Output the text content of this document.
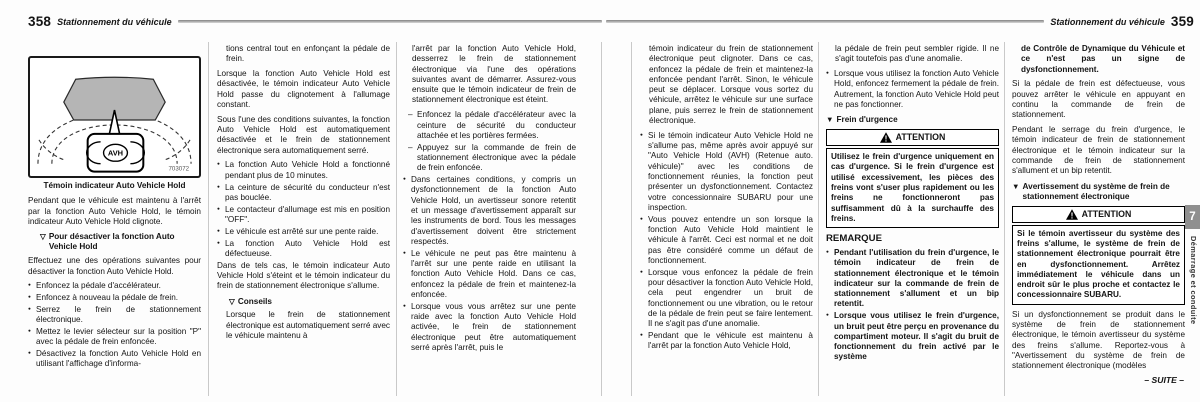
358 Stationnement du véhicule	Stationnement du véhicule 359
AVH
703072
Témoin indicateur Auto Vehicle Hold
Pendant que le véhicule est maintenu à l'arrêt par la fonction Auto Vehicle Hold, le témoin indicateur Auto Vehicle Hold clignote.
▽ Pour désactiver la fonction Auto Vehicle Hold
Effectuez une des opérations suivantes pour désactiver la fonction Auto Vehicle Hold.
● Enfoncez la pédale d'accélérateur.
● Enfoncez à nouveau la pédale de frein.
● Serrez le frein de stationnement électronique.
● Mettez le levier sélecteur sur la position "P" avec la pédale de frein enfoncée.
● Désactivez la fonction Auto Vehicle Hold en utilisant l'affichage d'informa-
tions central tout en enfonçant la pédale de frein.
Lorsque la fonction Auto Vehicle Hold est désactivée, le témoin indicateur Auto Vehicle Hold passe du clignotement à l'allumage constant.
Sous l'une des conditions suivantes, la fonction Auto Vehicle Hold est automatiquement désactivée et le frein de stationnement électronique sera automatiquement serré.
● La fonction Auto Vehicle Hold a fonctionné pendant plus de 10 minutes.
● La ceinture de sécurité du conducteur n'est pas bouclée.
● Le contacteur d'allumage est mis en position "OFF".
● Le véhicule est arrêté sur une pente raide.
● La fonction Auto Vehicle Hold est défectueuse.
Dans de tels cas, le témoin indicateur Auto Vehicle Hold s'éteint et le témoin indicateur du frein de stationnement électronique s'allume.
▽ Conseils
Lorsque le frein de stationnement électronique est automatiquement serré avec le véhicule maintenu à
l'arrêt par la fonction Auto Vehicle Hold, desserrez le frein de stationnement électronique via l'une des opérations suivantes avant de démarrer. Assurez-vous ensuite que le témoin indicateur de frein de stationnement électronique est éteint.
– Enfoncez la pédale d'accélérateur avec la ceinture de sécurité du conducteur attachée et les portières fermées.
– Appuyez sur la commande de frein de stationnement électronique avec la pédale de frein enfoncée.
● Dans certaines conditions, y compris un dysfonctionnement de la fonction Auto Vehicle Hold, un avertisseur sonore retentit et un message d'avertissement apparaît sur les instruments de bord. Tous les messages d'avertissement doivent être strictement respectés.
● Le véhicule ne peut pas être maintenu à l'arrêt sur une pente raide en utilisant la fonction Auto Vehicle Hold. Dans ce cas, enfoncez la pédale de frein et maintenez-la enfoncée.
● Lorsque vous vous arrêtez sur une pente raide avec la fonction Auto Vehicle Hold activée, le frein de stationnement électronique peut être automatiquement serré après l'arrêt, puis le
témoin indicateur du frein de stationnement électronique peut clignoter. Dans ce cas, enfoncez la pédale de frein et maintenez-la enfoncée pendant l'arrêt. Sinon, le véhicule peut se déplacer. Lorsque vous sortez du véhicule, arrêtez le véhicule sur une surface plane, puis serrez le frein de stationnement électronique.
● Si le témoin indicateur Auto Vehicle Hold ne s'allume pas, même après avoir appuyé sur "Auto Vehicle Hold (AVH) (Retenue auto. véhicule)" avec les conditions de fonctionnement réunies, la fonction peut présenter un dysfonctionnement. Contactez votre concessionnaire SUBARU pour une inspection.
● Vous pouvez entendre un son lorsque la fonction Auto Vehicle Hold maintient le véhicule à l'arrêt. Ceci est normal et ne doit pas être considéré comme un défaut de fonctionnement.
● Lorsque vous enfoncez la pédale de frein pour désactiver la fonction Auto Vehicle Hold, cela peut engendrer un bruit de fonctionnement ou une vibration, ou le retour de la pédale de frein peut se faire lentement. Il ne s'agit pas d'une anomalie.
● Pendant que le véhicule est maintenu à l'arrêt par la fonction Auto Vehicle Hold,
la pédale de frein peut sembler rigide. Il ne s'agit toutefois pas d'une anomalie.
● Lorsque vous utilisez la fonction Auto Vehicle Hold, enfoncez fermement la pédale de frein. Autrement, la fonction Auto Vehicle Hold peut ne pas fonctionner.
▼ Frein d'urgence
! ATTENTION
Utilisez le frein d'urgence uniquement en cas d'urgence. Si le frein d'urgence est utilisé excessivement, les pièces des freins vont s'user plus rapidement ou les freins ne fonctionneront pas suffisamment dû à la surchauffe des freins.
REMARQUE
● Pendant l'utilisation du frein d'urgence, le témoin indicateur de frein de stationnement électronique et le témoin indicateur sur la commande de frein de stationnement s'allument et un bip retentit.
● Lorsque vous utilisez le frein d'urgence, un bruit peut être perçu en provenance du compartiment moteur. Il s'agit du bruit de fonctionnement du frein activé par le système
de Contrôle de Dynamique du Véhicule et ce n'est pas un signe de dysfonctionnement.
Si la pédale de frein est défectueuse, vous pouvez arrêter le véhicule en appuyant en continu la commande de frein de stationnement.
Pendant le serrage du frein d'urgence, le témoin indicateur de frein de stationnement électronique et le témoin indicateur sur la commande de frein de stationnement s'allument et un bip retentit.
▼ Avertissement du système de frein de stationnement électronique
! ATTENTION
Si le témoin avertisseur du système des freins s'allume, le système de frein de stationnement électronique pourrait être en dysfonctionnement. Arrêtez immédiatement le véhicule dans un endroit sûr le plus proche et contactez le concessionnaire SUBARU.
Si un dysfonctionnement se produit dans le système de frein de stationnement électronique, le témoin avertisseur du système des freins s'allume. Reportez-vous à "Avertissement du système de frein de stationnement électronique (modèles
7
Démarrage et conduite
– SUITE –
